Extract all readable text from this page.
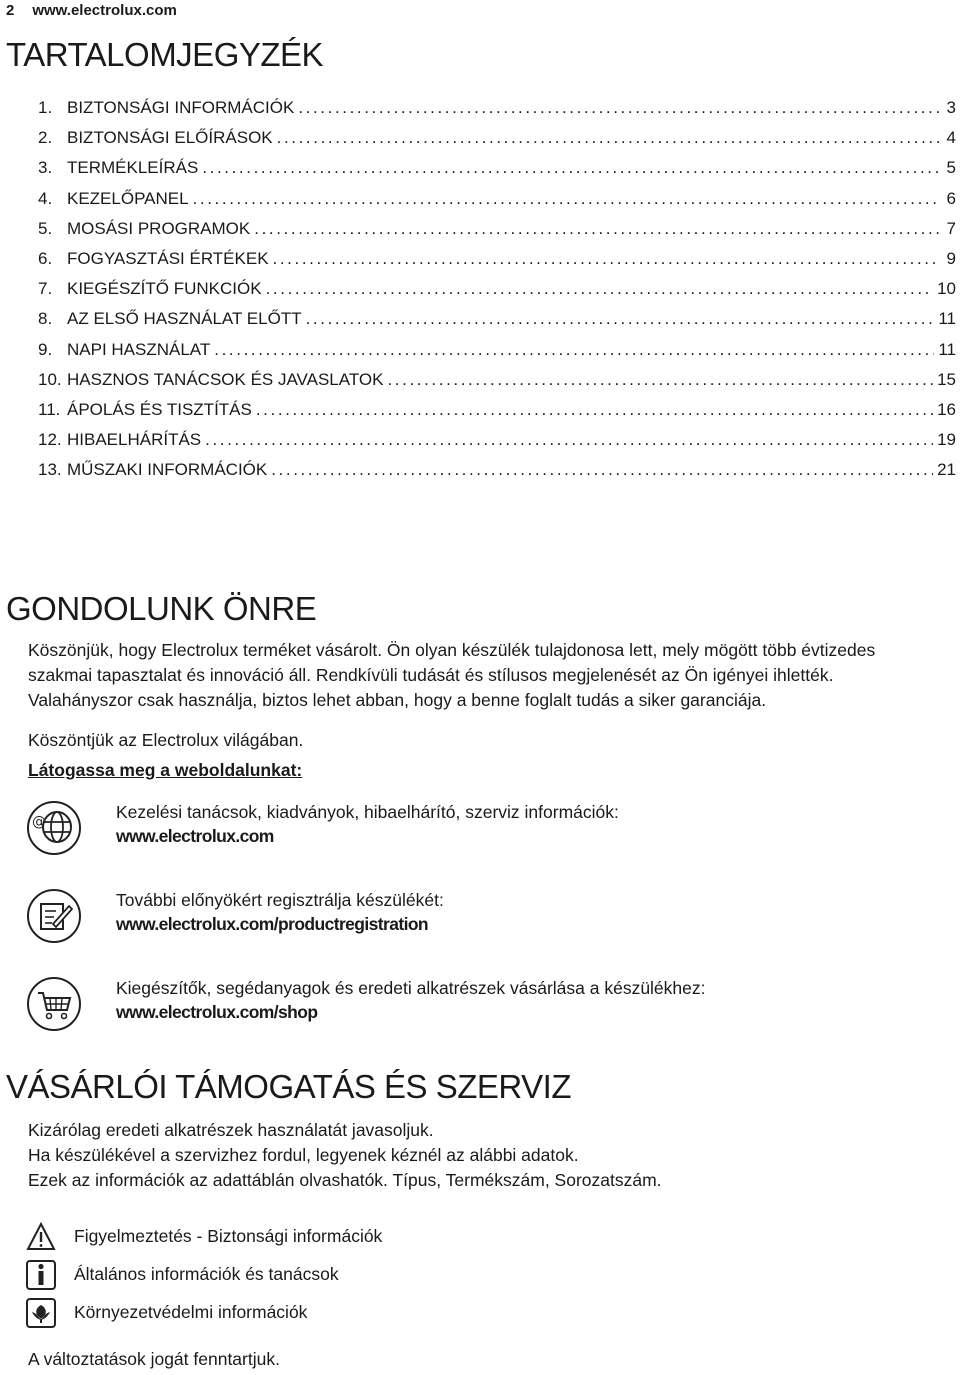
2 www.electrolux.com
TARTALOMJEGYZÉK
1. BIZTONSÁGI INFORMÁCIÓK .....	3
2. BIZTONSÁGI ELŐÍRÁSOK .....	4
3. TERMÉKLEÍRÁS .....	5
4. KEZELŐPANEL .....	6
5. MOSÁSI PROGRAMOK .....	7
6. FOGYASZTÁSI ÉRTÉKEK .....	9
7. KIEGÉSZÍTŐ FUNKCIÓK .....	10
8. AZ ELSŐ HASZNÁLAT ELŐTT .....	11
9. NAPI HASZNÁLAT .....	11
10. HASZNOS TANÁCSOK ÉS JAVASLATOK .....	15
11. ÁPOLÁS ÉS TISZTÍTÁS .....	16
12. HIBAELHÁRÍTÁS .....	19
13. MŰSZAKI INFORMÁCIÓK .....	21
GONDOLUNK ÖNRE
Köszönjük, hogy Electrolux terméket vásárolt. Ön olyan készülék tulajdonosa lett, mely mögött több évtizedes
szakmai tapasztalat és innováció áll. Rendkívüli tudását és stílusos megjelenését az Ön igényei ihlették.
Valahányszor csak használja, biztos lehet abban, hogy a benne foglalt tudás a siker garanciája.
Köszöntjük az Electrolux világában.
Látogassa meg a weboldalunkat:
@	Kezelési tanácsok, kiadványok, hibaelhárító, szerviz információk:
www.electrolux.com
További előnyökért regisztrálja készülékét:
www.electrolux.com/productregistration
Kiegészítők, segédanyagok és eredeti alkatrészek vásárlása a készülékhez:
www.electrolux.com/shop
VÁSÁRLÓI TÁMOGATÁS ÉS SZERVIZ
Kizárólag eredeti alkatrészek használatát javasoljuk.
Ha készülékével a szervizhez fordul, legyenek kéznél az alábbi adatok.
Ezek az információk az adattáblán olvashatók. Típus, Termékszám, Sorozatszám.
Figyelmeztetés - Biztonsági információk
Általános információk és tanácsok
Környezetvédelmi információk
A változtatások jogát fenntartjuk.
